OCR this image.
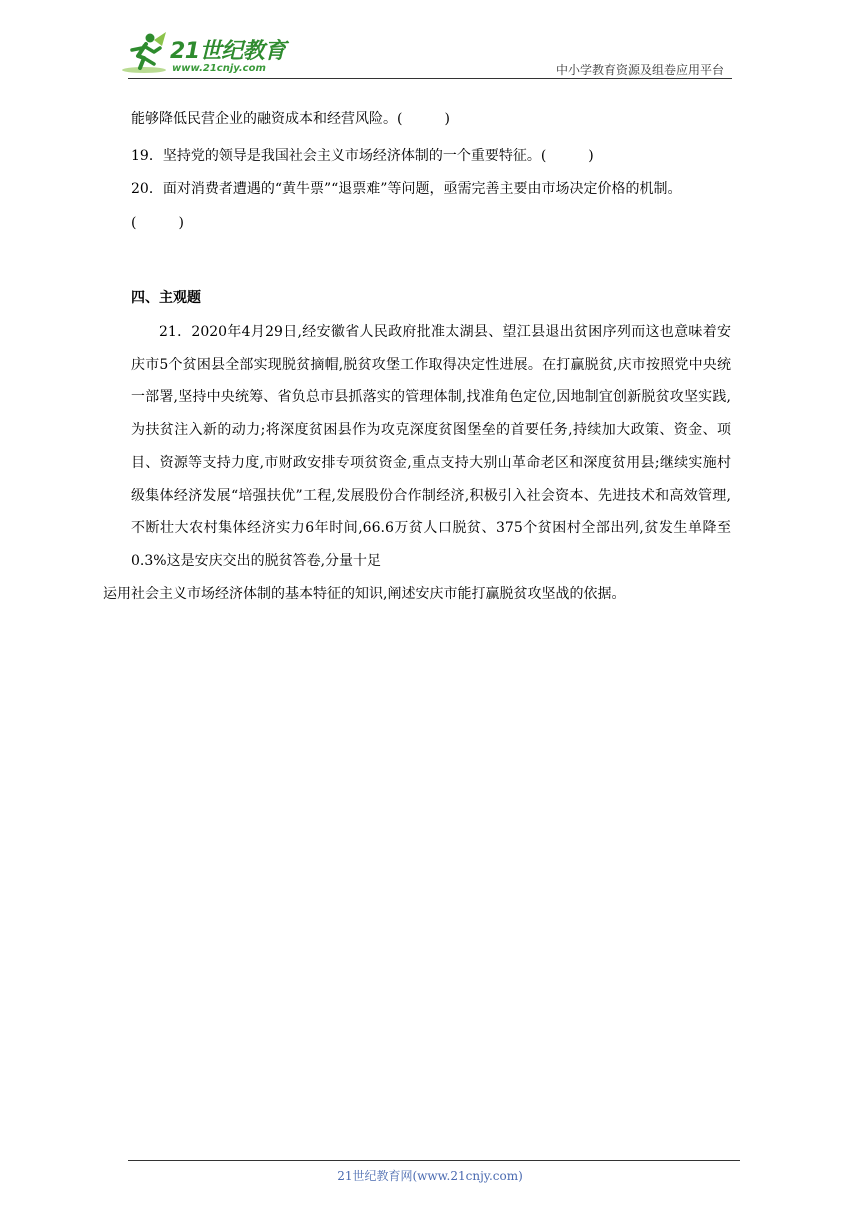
21世纪教育
www.21cnjy.com	中小学教育资源及组卷应用平台
能够降低民营企业的融资成本和经营风险。(　　　)
19．坚持党的领导是我国社会主义市场经济体制的一个重要特征。(　　　)
20．面对消费者遭遇的“黄牛票”“退票难”等问题，亟需完善主要由市场决定价格的机制。
(　　　)
四、主观题
21．2020年4月29日,经安徽省人民政府批准太湖县、望江县退出贫困序列而这也意味着安庆市5个贫困县全部实现脱贫摘帽,脱贫攻堡工作取得决定性进展。在打赢脱贫,庆市按照党中央统一部署,坚持中央统筹、省负总市县抓落实的管理体制,找准角色定位,因地制宜创新脱贫攻坚实践,为扶贫注入新的动力;将深度贫困县作为攻克深度贫图堡垒的首要任务,持续加大政策、资金、项目、资源等支持力度,市财政安排专项贫资金,重点支持大别山革命老区和深度贫用县;继续实施村级集体经济发展“培强扶优”工程,发展股份合作制经济,积极引入社会资本、先进技术和高效管理,不断壮大农村集体经济实力6年时间,66.6万贫人口脱贫、375个贫困村全部出列,贫发生单降至0.3%这是安庆交出的脱贫答卷,分量十足
运用社会主义市场经济体制的基本特征的知识,阐述安庆市能打赢脱贫攻坚战的依据。
21世纪教育网(www.21cnjy.com)
